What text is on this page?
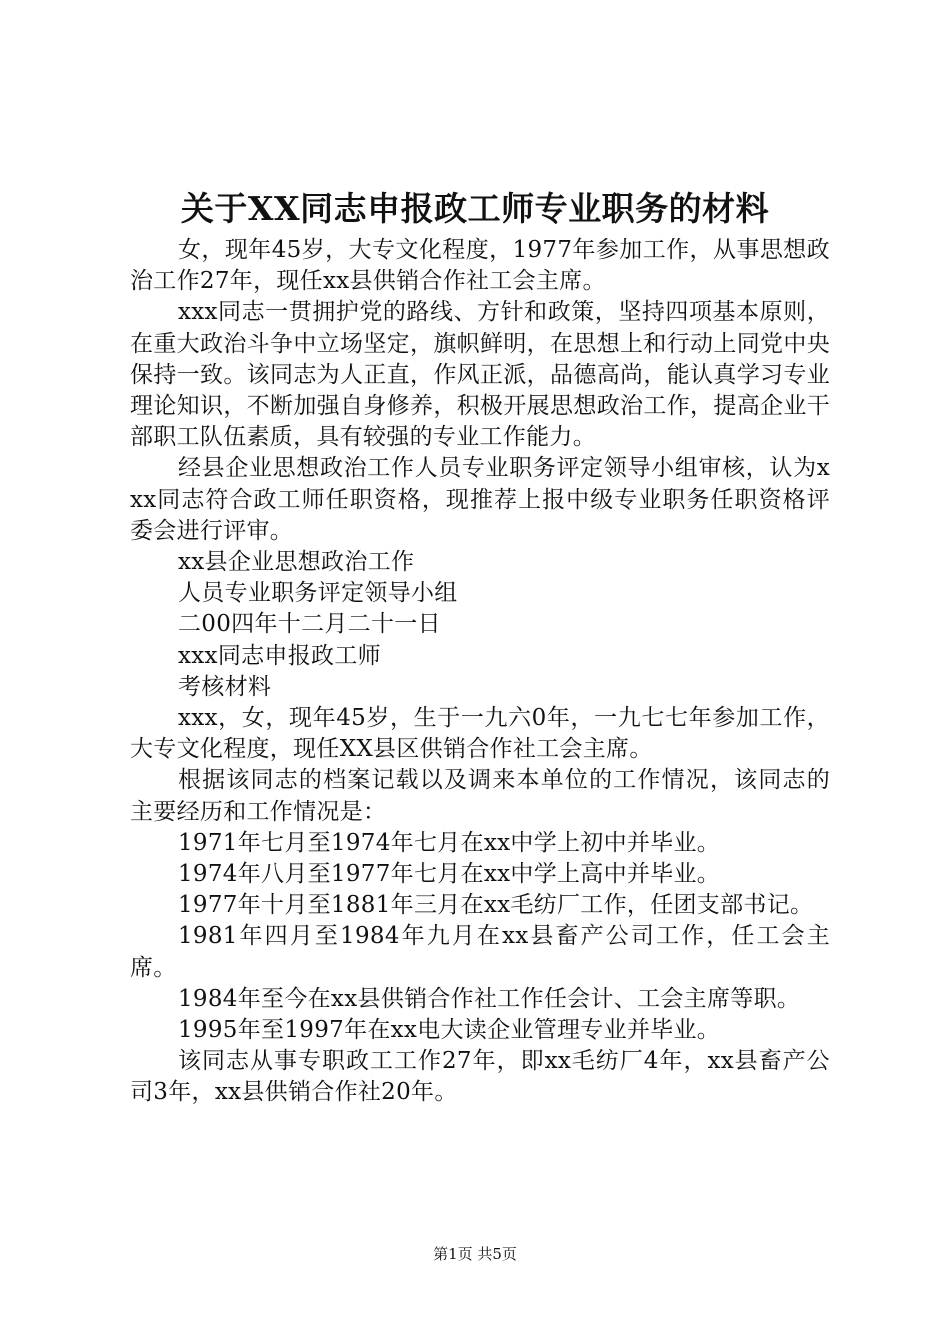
关于XX同志申报政工师专业职务的材料

女，现年45岁，大专文化程度，1977年参加工作，从事思想政治工作27年，现任xx县供销合作社工会主席。

xxx同志一贯拥护党的路线、方针和政策，坚持四项基本原则，在重大政治斗争中立场坚定，旗帜鲜明，在思想上和行动上同党中央保持一致。该同志为人正直，作风正派，品德高尚，能认真学习专业理论知识，不断加强自身修养，积极开展思想政治工作，提高企业干部职工队伍素质，具有较强的专业工作能力。

经县企业思想政治工作人员专业职务评定领导小组审核，认为xxx同志符合政工师任职资格，现推荐上报中级专业职务任职资格评委会进行评审。

xx县企业思想政治工作

人员专业职务评定领导小组

二00四年十二月二十一日

xxx同志申报政工师

考核材料

xxx，女，现年45岁，生于一九六0年，一九七七年参加工作，大专文化程度，现任XX县区供销合作社工会主席。

根据该同志的档案记载以及调来本单位的工作情况，该同志的主要经历和工作情况是：

1971年七月至1974年七月在xx中学上初中并毕业。

1974年八月至1977年七月在xx中学上高中并毕业。

1977年十月至1881年三月在xx毛纺厂工作，任团支部书记。

1981年四月至1984年九月在xx县畜产公司工作，任工会主席。

1984年至今在xx县供销合作社工作任会计、工会主席等职。

1995年至1997年在xx电大读企业管理专业并毕业。

该同志从事专职政工工作27年，即xx毛纺厂4年，xx县畜产公司3年，xx县供销合作社20年。

第1页 共5页
